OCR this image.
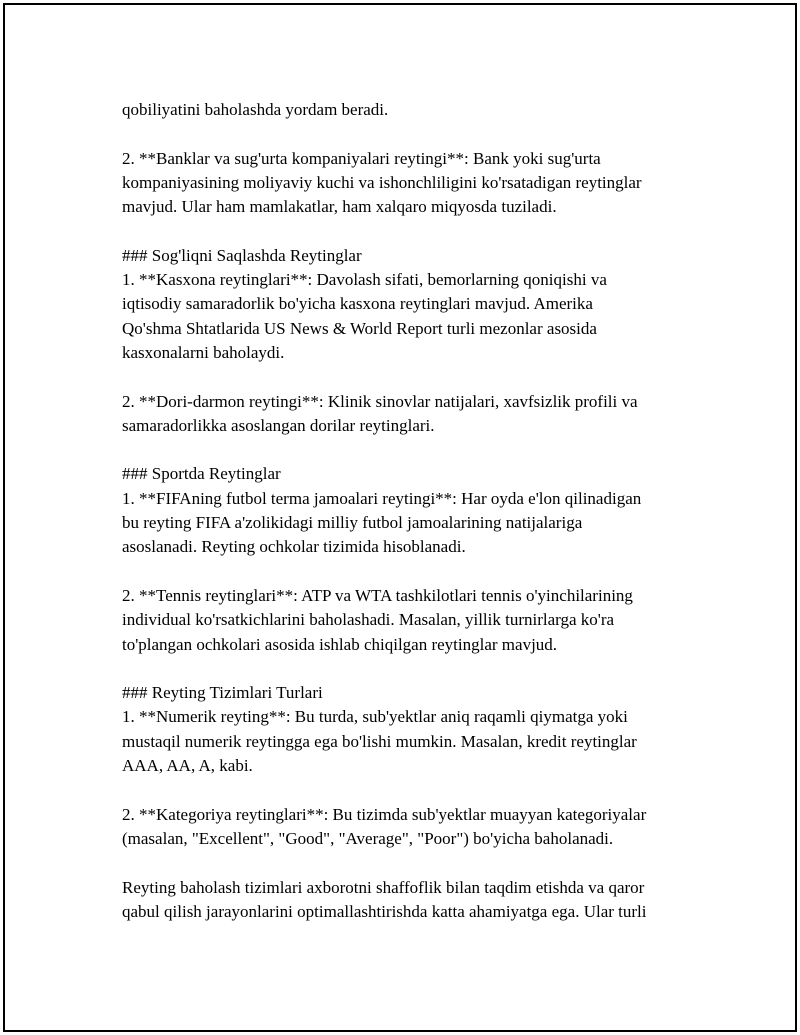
qobiliyatini baholashda yordam beradi.

2. **Banklar va sug'urta kompaniyalari reytingi**: Bank yoki sug'urta
kompaniyasining moliyaviy kuchi va ishonchliligini ko'rsatadigan reytinglar
mavjud. Ular ham mamlakatlar, ham xalqaro miqyosda tuziladi.

### Sog'liqni Saqlashda Reytinglar
1. **Kasxona reytinglari**: Davolash sifati, bemorlarning qoniqishi va
iqtisodiy samaradorlik bo'yicha kasxona reytinglari mavjud. Amerika
Qo'shma Shtatlarida US News & World Report turli mezonlar asosida
kasxonalarni baholaydi.

2. **Dori-darmon reytingi**: Klinik sinovlar natijalari, xavfsizlik profili va
samaradorlikka asoslangan dorilar reytinglari.

### Sportda Reytinglar
1. **FIFAning futbol terma jamoalari reytingi**: Har oyda e'lon qilinadigan
bu reyting FIFA a'zolikidagi milliy futbol jamoalarining natijalariga
asoslanadi. Reyting ochkolar tizimida hisoblanadi.

2. **Tennis reytinglari**: ATP va WTA tashkilotlari tennis o'yinchilarining
individual ko'rsatkichlarini baholashadi. Masalan, yillik turnirlarga ko'ra
to'plangan ochkolari asosida ishlab chiqilgan reytinglar mavjud.

### Reyting Tizimlari Turlari
1. **Numerik reyting**: Bu turda, sub'yektlar aniq raqamli qiymatga yoki
mustaqil numerik reytingga ega bo'lishi mumkin. Masalan, kredit reytinglar
AAA, AA, A, kabi.

2. **Kategoriya reytinglari**: Bu tizimda sub'yektlar muayyan kategoriyalar
(masalan, "Excellent", "Good", "Average", "Poor") bo'yicha baholanadi.

Reyting baholash tizimlari axborotni shaffoflik bilan taqdim etishda va qaror
qabul qilish jarayonlarini optimallashtirishda katta ahamiyatga ega. Ular turli
